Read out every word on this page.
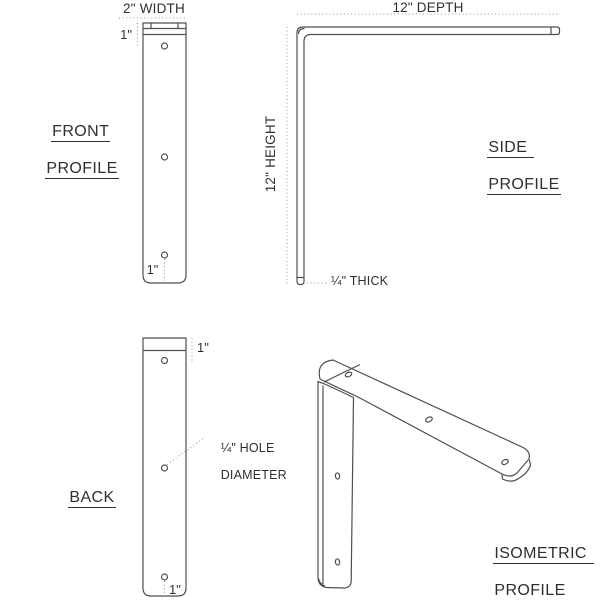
2" WIDTH	12" DEPTH
12" HEIGHT
¼" THICK

¼" HOLE

DIAMETER

1"
1"
1"
1"

FRONT

PROFILE

SIDE

PROFILE

BACK

ISOMETRIC

PROFILE
